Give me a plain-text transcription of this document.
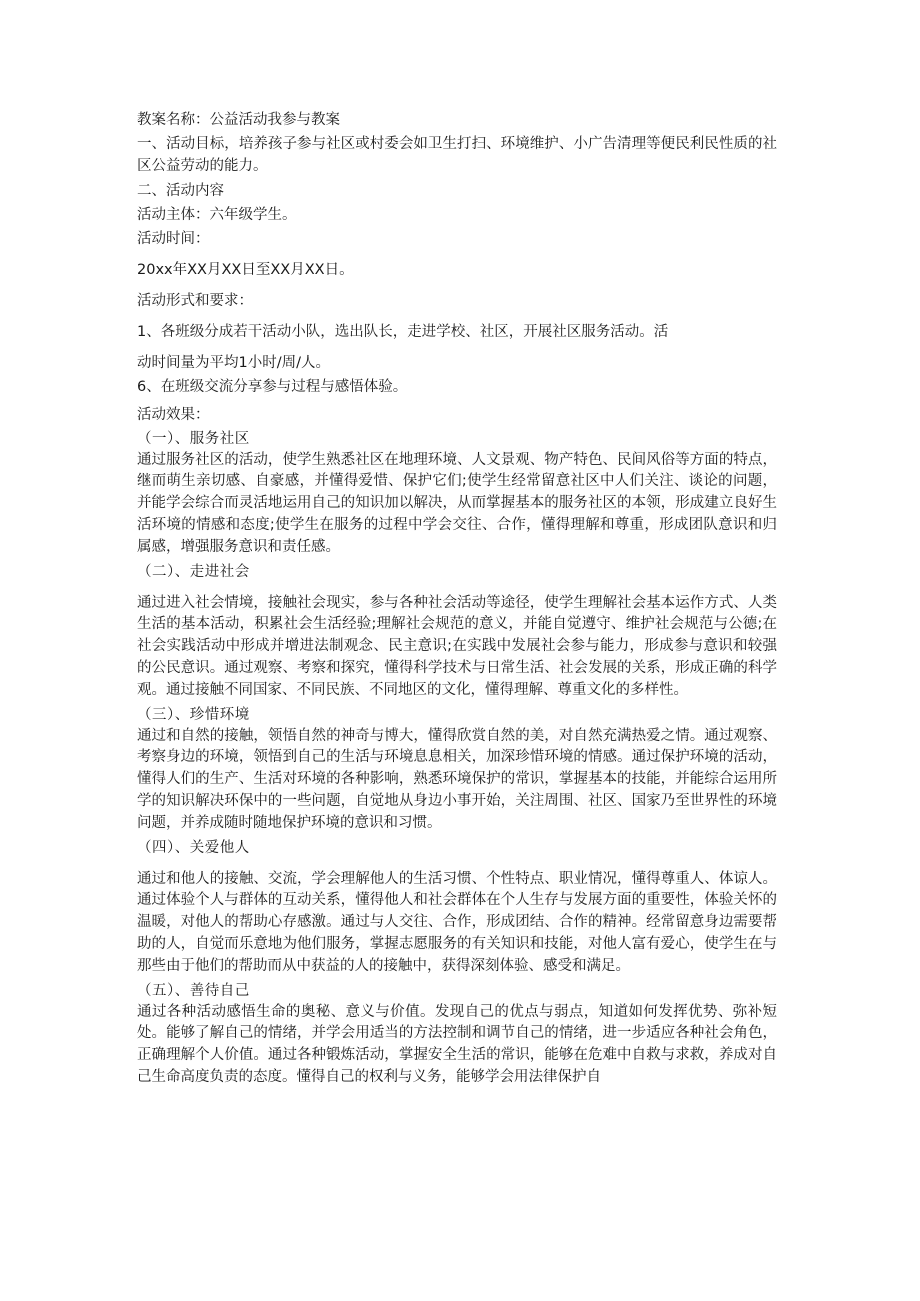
教案名称：公益活动我参与教案

一、活动目标，培养孩子参与社区或村委会如卫生打扫、环境维护、小广告清理等便民利民性质的社区公益劳动的能力。

二、活动内容

活动主体：六年级学生。

活动时间：

20xx年XX月XX日至XX月XX日。

活动形式和要求：

1、各班级分成若干活动小队，选出队长，走进学校、社区，开展社区服务活动。活

动时间量为平均1小时/周/人。

6、在班级交流分享参与过程与感悟体验。

活动效果：

（一）、服务社区

通过服务社区的活动，使学生熟悉社区在地理环境、人文景观、物产特色、民间风俗等方面的特点，继而萌生亲切感、自豪感，并懂得爱惜、保护它们;使学生经常留意社区中人们关注、谈论的问题，并能学会综合而灵活地运用自己的知识加以解决，从而掌握基本的服务社区的本领，形成建立良好生活环境的情感和态度;使学生在服务的过程中学会交往、合作，懂得理解和尊重，形成团队意识和归属感，增强服务意识和责任感。

（二）、走进社会

通过进入社会情境，接触社会现实，参与各种社会活动等途径，使学生理解社会基本运作方式、人类生活的基本活动，积累社会生活经验;理解社会规范的意义，并能自觉遵守、维护社会规范与公德;在社会实践活动中形成并增进法制观念、民主意识;在实践中发展社会参与能力，形成参与意识和较强的公民意识。通过观察、考察和探究，懂得科学技术与日常生活、社会发展的关系，形成正确的科学观。通过接触不同国家、不同民族、不同地区的文化，懂得理解、尊重文化的多样性。

（三）、珍惜环境

通过和自然的接触，领悟自然的神奇与博大，懂得欣赏自然的美，对自然充满热爱之情。通过观察、考察身边的环境，领悟到自己的生活与环境息息相关，加深珍惜环境的情感。通过保护环境的活动，懂得人们的生产、生活对环境的各种影响，熟悉环境保护的常识，掌握基本的技能，并能综合运用所学的知识解决环保中的一些问题，自觉地从身边小事开始，关注周围、社区、国家乃至世界性的环境问题，并养成随时随地保护环境的意识和习惯。

（四）、关爱他人

通过和他人的接触、交流，学会理解他人的生活习惯、个性特点、职业情况，懂得尊重人、体谅人。通过体验个人与群体的互动关系，懂得他人和社会群体在个人生存与发展方面的重要性，体验关怀的温暖，对他人的帮助心存感激。通过与人交往、合作，形成团结、合作的精神。经常留意身边需要帮助的人，自觉而乐意地为他们服务，掌握志愿服务的有关知识和技能，对他人富有爱心，使学生在与那些由于他们的帮助而从中获益的人的接触中，获得深刻体验、感受和满足。

（五）、善待自己

通过各种活动感悟生命的奥秘、意义与价值。发现自己的优点与弱点，知道如何发挥优势、弥补短处。能够了解自己的情绪，并学会用适当的方法控制和调节自己的情绪，进一步适应各种社会角色，正确理解个人价值。通过各种锻炼活动，掌握安全生活的常识，能够在危难中自救与求救，养成对自己生命高度负责的态度。懂得自己的权利与义务，能够学会用法律保护自
